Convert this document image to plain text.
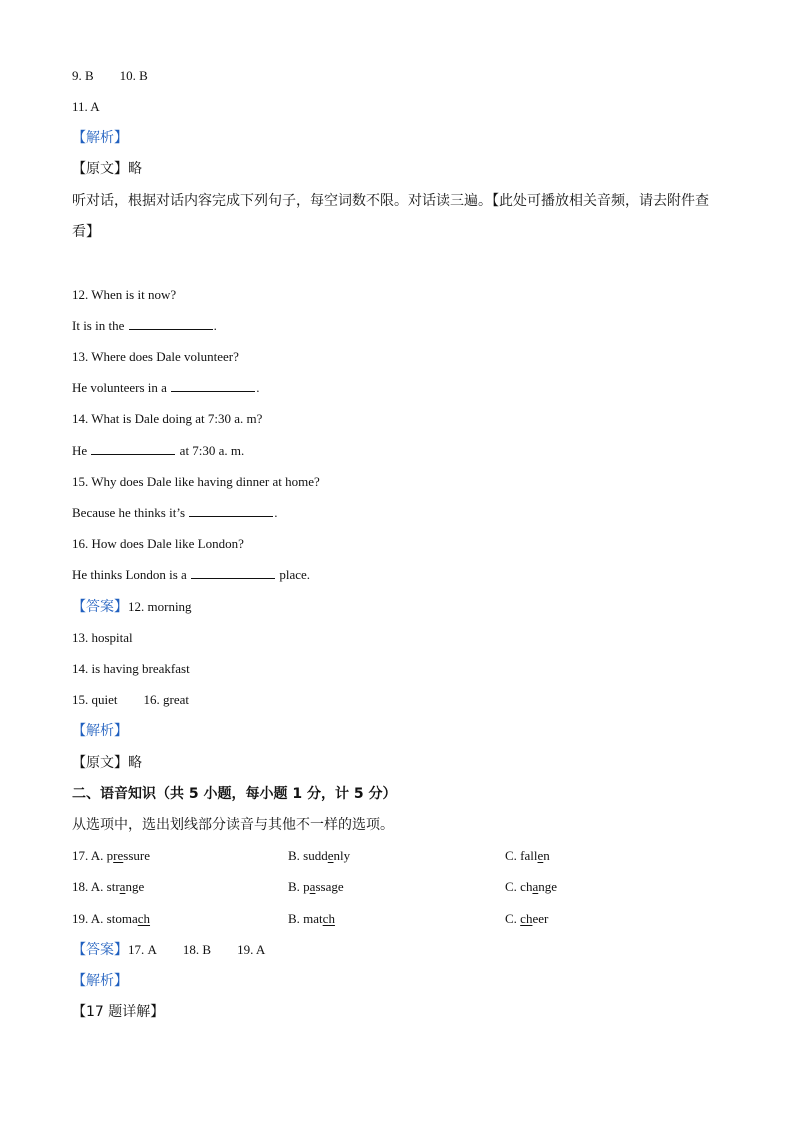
9. B 10. B
11. A
【解析】
【原文】略
听对话，根据对话内容完成下列句子，每空词数不限。对话读三遍。【此处可播放相关音频，请去附件查
看】
12. When is it now?
It is in the	.
13. Where does Dale volunteer?
He volunteers in a	.
14. What is Dale doing at 7:30 a. m?
He	at 7:30 a. m.
15. Why does Dale like having dinner at home?
Because he thinks it’s	.
16. How does Dale like London?
He thinks London is a	place.
【答案】12. morning
13. hospital
14. is having breakfast
15. quiet 16. great
【解析】
【原文】略
二、语音知识（共 5 小题，每小题 1 分，计 5 分）
从选项中，选出划线部分读音与其他不一样的选项。
17. A. pressure	B. suddenly	C. fallen
18. A. strange	B. passage	C. change
19. A. stomach	B. match	C. cheer
【答案】17. A 18. B 19. A
【解析】
【17 题详解】
